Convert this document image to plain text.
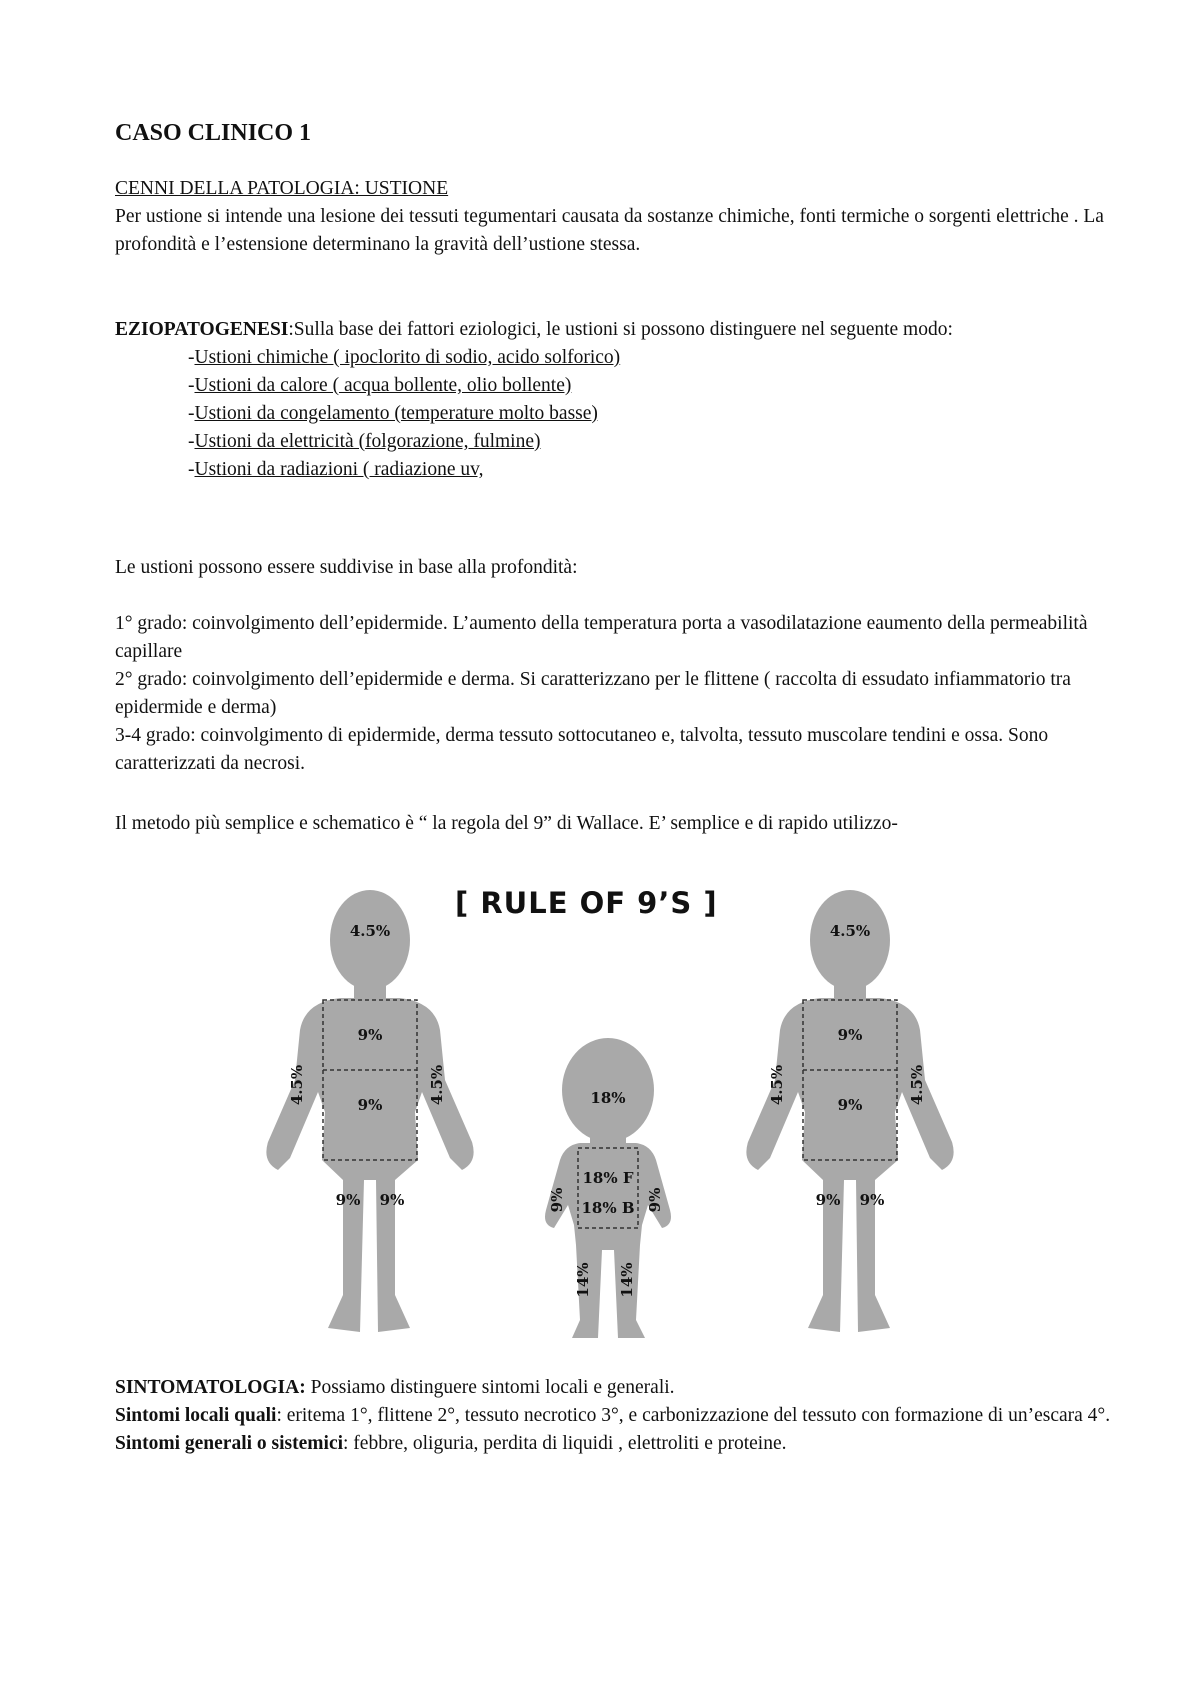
CASO CLINICO 1

CENNI DELLA PATOLOGIA: USTIONE

Per ustione si intende una lesione dei tessuti tegumentari causata da sostanze chimiche, fonti termiche o sorgenti elettriche . La profondità e l’estensione determinano la gravità dell’ustione stessa.

EZIOPATOGENESI:Sulla base dei fattori eziologici, le ustioni si possono distinguere nel seguente modo:

-Ustioni chimiche ( ipoclorito di sodio, acido solforico)

-Ustioni da calore ( acqua bollente, olio bollente)

-Ustioni da congelamento (temperature molto basse)

-Ustioni da elettricità (folgorazione, fulmine)

-Ustioni da radiazioni ( radiazione uv,

Le ustioni possono essere suddivise in base alla profondità:

1° grado: coinvolgimento dell’epidermide. L’aumento della temperatura porta a vasodilatazione eaumento della permeabilità capillare

2° grado: coinvolgimento dell’epidermide e derma. Si caratterizzano per le flittene ( raccolta di essudato infiammatorio tra epidermide e derma)

3-4 grado: coinvolgimento di epidermide, derma tessuto sottocutaneo e, talvolta, tessuto muscolare tendini e ossa. Sono caratterizzati da necrosi.

Il metodo più semplice e schematico è “ la regola del 9” di Wallace. E’ semplice e di rapido utilizzo-
[ RULE OF 9’S ]
4.5%
9%
9%
4.5%	4.5%
9% 9%
18%
18% F
18% B
9%	9%
14% 14%
4.5%
9%
9%
4.5%	4.5%
9% 9%

SINTOMATOLOGIA: Possiamo distinguere sintomi locali e generali.

Sintomi locali quali: eritema 1°, flittene 2°, tessuto necrotico 3°, e carbonizzazione del tessuto con formazione di un’escara 4°.

Sintomi generali o sistemici: febbre, oliguria, perdita di liquidi , elettroliti e proteine.
